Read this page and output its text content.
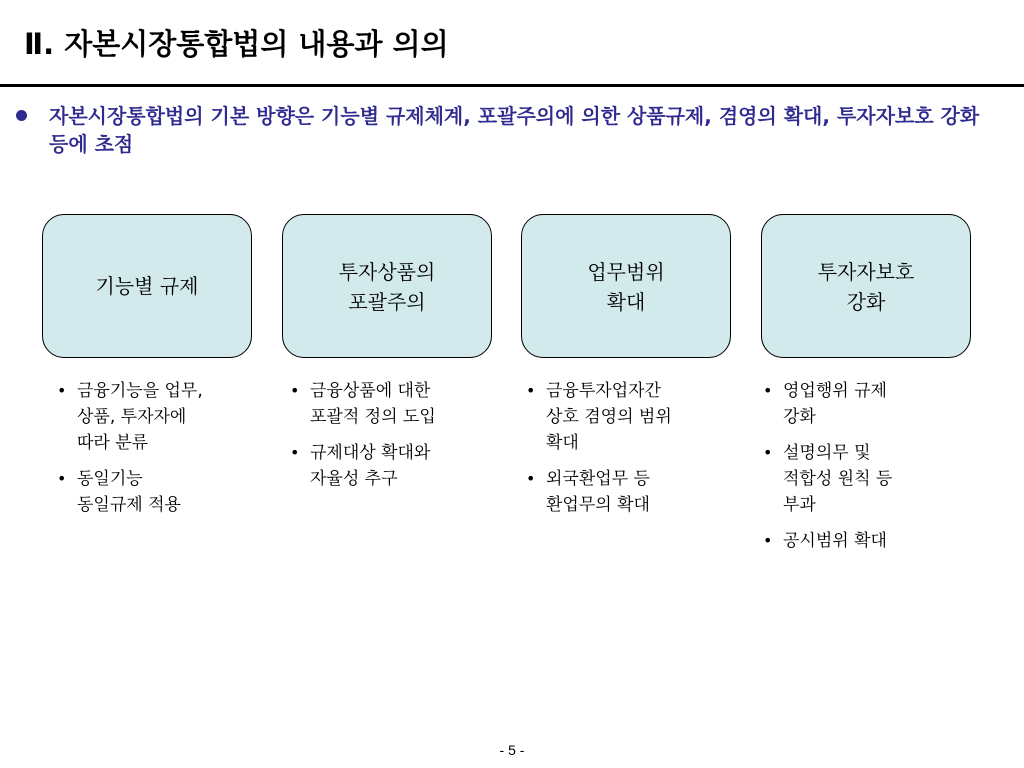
Ⅱ. 자본시장통합법의 내용과 의의
자본시장통합법의 기본 방향은 기능별 규제체계, 포괄주의에 의한 상품규제, 겸영의 확대, 투자자보호 강화 등에 초점
기능별 규제
투자상품의
포괄주의
업무범위
확대
투자자보호
강화
• 금융기능을 업무,
상품, 투자자에
따라 분류
• 동일기능
동일규제 적용
• 금융상품에 대한
포괄적 정의 도입
• 규제대상 확대와
자율성 추구
• 금융투자업자간
상호 겸영의 범위
확대
• 외국환업무 등
환업무의 확대
• 영업행위 규제
강화
• 설명의무 및
적합성 원칙 등
부과
• 공시범위 확대
- 5 -
